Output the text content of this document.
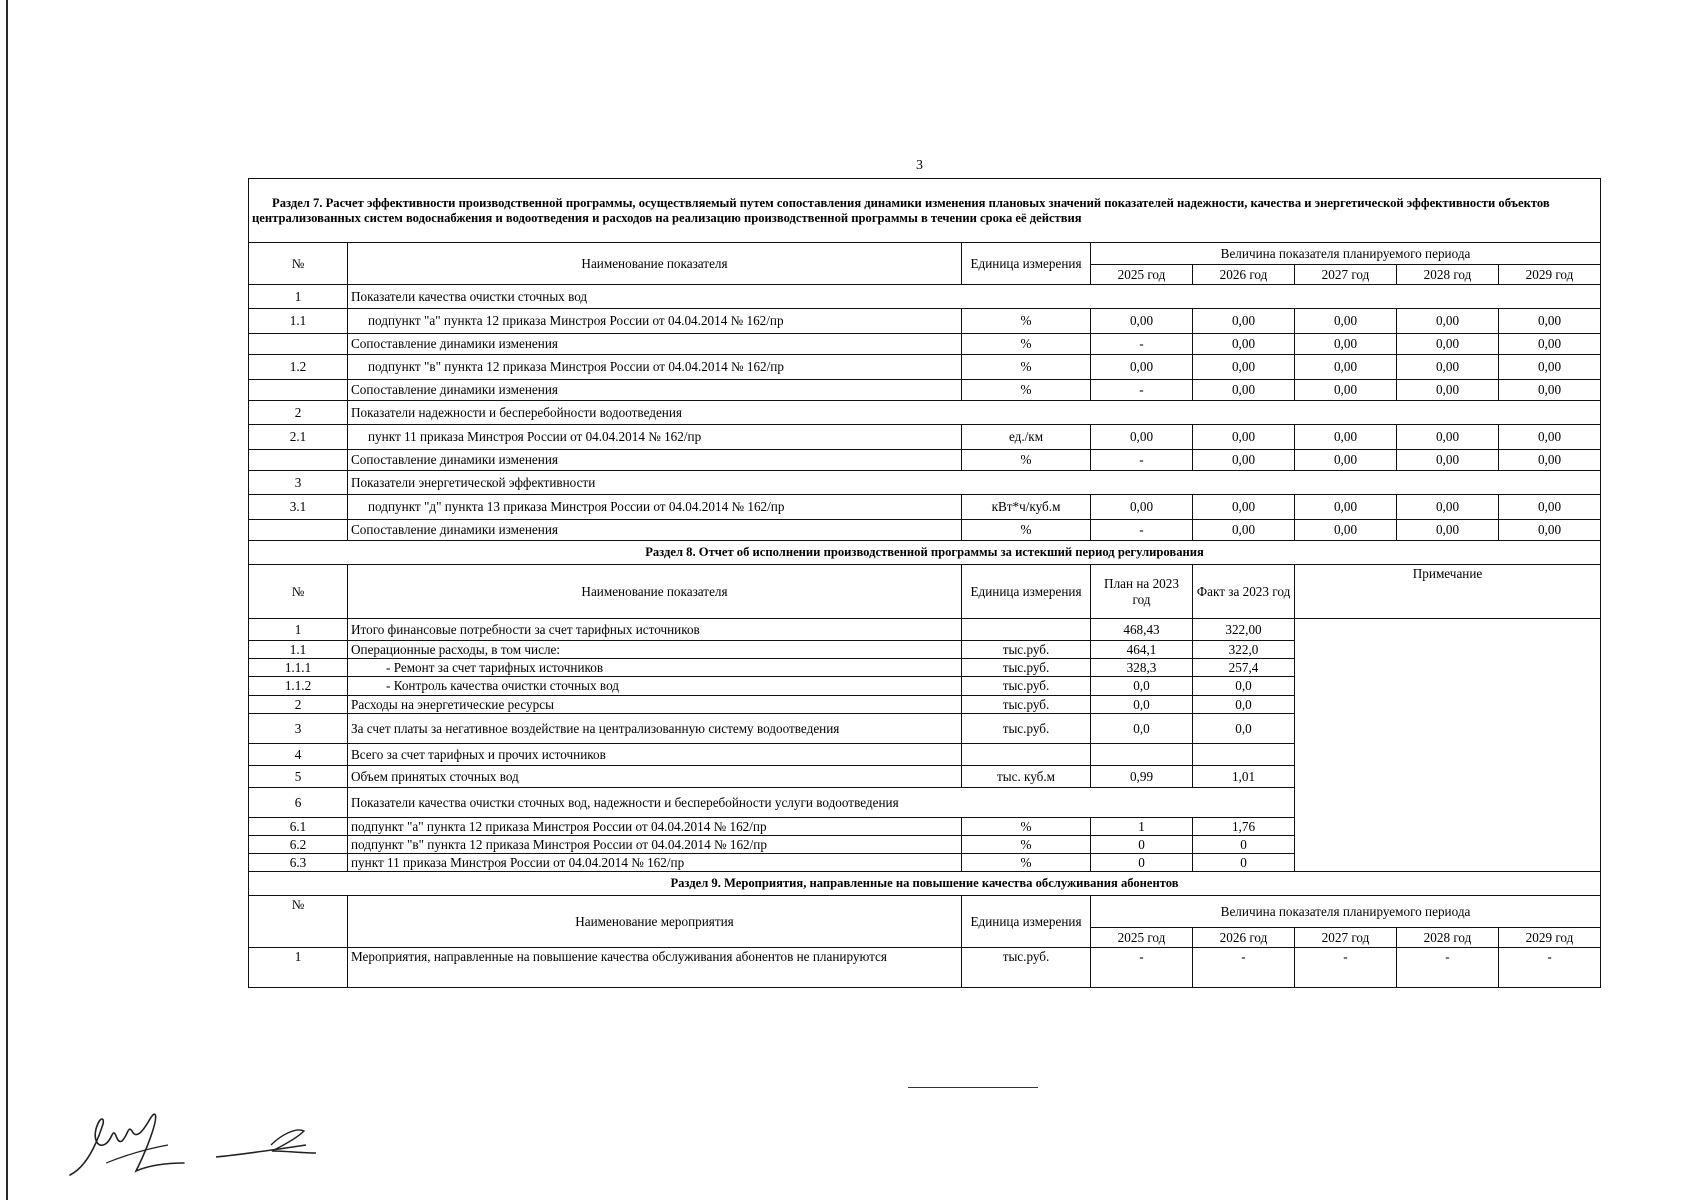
3
Раздел 7. Расчет эффективности производственной программы, осуществляемый путем сопоставления динамики изменения плановых значений показателей надежности, качества и энергетической эффективности объектов централизованных систем водоснабжения и водоотведения и расходов на реализацию производственной программы в течении срока её действия							
№	Наименование показателя	Единица измерения	Величина показателя планируемого периода				
			2025 год	2026 год	2027 год	2028 год	2029 год
1	Показатели качества очистки сточных вод						
1.1	подпункт "а" пункта 12 приказа Минстроя России от 04.04.2014 № 162/пр	%	0,00	0,00	0,00	0,00	0,00
	Сопоставление динамики изменения	%	-	0,00	0,00	0,00	0,00
1.2	подпункт "в" пункта 12 приказа Минстроя России от 04.04.2014 № 162/пр	%	0,00	0,00	0,00	0,00	0,00
	Сопоставление динамики изменения	%	-	0,00	0,00	0,00	0,00
2	Показатели надежности и бесперебойности водоотведения						
2.1	пункт 11 приказа Минстроя России от 04.04.2014 № 162/пр	ед./км	0,00	0,00	0,00	0,00	0,00
	Сопоставление динамики изменения	%	-	0,00	0,00	0,00	0,00
3	Показатели энергетической эффективности						
3.1	подпункт "д" пункта 13 приказа Минстроя России от 04.04.2014 № 162/пр	кВт*ч/куб.м	0,00	0,00	0,00	0,00	0,00
	Сопоставление динамики изменения	%	-	0,00	0,00	0,00	0,00
Раздел 8. Отчет об исполнении производственной программы за истекший период регулирования							
№	Наименование показателя	Единица измерения	План на 2023 год	Факт за 2023 год	Примечание		
1	Итого финансовые потребности за счет тарифных источников		468,43	322,00			
1.1	Операционные расходы, в том числе:	тыс.руб.	464,1	322,0			
1.1.1	- Ремонт за счет тарифных источников	тыс.руб.	328,3	257,4			
1.1.2	- Контроль качества очистки сточных вод	тыс.руб.	0,0	0,0			
2	Расходы на энергетические ресурсы	тыс.руб.	0,0	0,0			
3	За счет платы за негативное воздействие на централизованную систему водоотведения	тыс.руб.	0,0	0,0			
4	Всего за счет тарифных и прочих источников						
5	Объем принятых сточных вод	тыс. куб.м	0,99	1,01			
6	Показатели качества очистки сточных вод, надежности и бесперебойности услуги водоотведения						
6.1	подпункт "а" пункта 12 приказа Минстроя России от 04.04.2014 № 162/пр	%	1	1,76			
6.2	подпункт "в" пункта 12 приказа Минстроя России от 04.04.2014 № 162/пр	%	0	0			
6.3	пункт 11 приказа Минстроя России от 04.04.2014 № 162/пр	%	0	0			
Раздел 9. Мероприятия, направленные на повышение качества обслуживания абонентов							
№	Наименование мероприятия	Единица измерения	Величина показателя планируемого периода				
			2025 год	2026 год	2027 год	2028 год	2029 год
1	Мероприятия, направленные на повышение качества обслуживания абонентов не планируются	тыс.руб.	-	-	-	-	-
